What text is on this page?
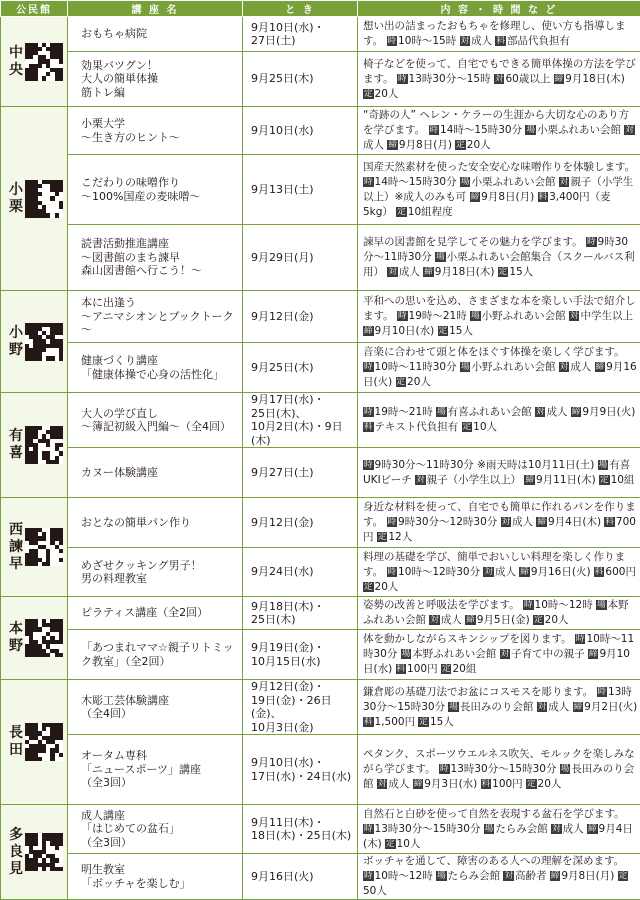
公民館	講 座 名	と き	内 容 ・ 時 間 な ど

中央	おもちゃ病院	9月10日(水)・
27日(土)	想い出の詰まったおもちゃを修理し、使い方も指導します。 時 10時～15時 対 成人 料 部品代負担有
	効果バツグン！
大人の簡単体操
筋トレ編	9月25日(木)	椅子などを使って、自宅でもできる簡単体操の方法を学びます。 時 13時30分～15時 対 60歳以上 締 9月18日(木) 定 20人

小栗	小栗大学
～生き方のヒント～	9月10日(水)	“奇跡の人” ヘレン・ケラーの生涯から大切な心のあり方を学びます。 時 14時～15時30分 場 小栗ふれあい会館 対成人 締 9月8日(月) 定 20人
	こだわりの味噌作り
～100%国産の麦味噌～	9月13日(土)	国産天然素材を使った安全安心な味噌作りを体験します。 時 14時～15時30分 場 小栗ふれあい会館 対 親子（小学生以上）※成人のみも可 締 9月8日(月) 料 3,400円（麦5kg） 定 10組程度
	読書活動推進講座
～図書館のまち諫早
森山図書館へ行こう！～	9月29日(月)	諫早の図書館を見学してその魅力を学びます。 時 9時30分～11時30分 場 小栗ふれあい会館集合（スクールバス利用） 対 成人 締 9月18日(木) 定 15人

小野	本に出逢う
～アニマシオンとブックトーク～	9月12日(金)	平和への思いを込め、さまざまな本を楽しい手法で紹介します。 時 19時～21時 場 小野ふれあい会館 対 中学生以上 締 9月10日(水) 定 15人
	健康づくり講座
「健康体操で心身の活性化」	9月25日(木)	音楽に合わせて頭と体をほぐす体操を楽しく学びます。 時 10時～11時30分 場 小野ふれあい会館 対 成人 締 9月16日(火) 定 20人

有喜	大人の学び直し
～簿記初級入門編～（全4回）	9月17日(水)・
25日(木)、
10月2日(木)・9日(木)	時 19時～21時 場 有喜ふれあい会館 対 成人 締 9月9日(火) 料 テキスト代負担有 定 10人
	カヌー体験講座	9月27日(土)	時 9時30分～11時30分 ※雨天時は10月11日(土) 場 有喜UKIビーチ 対 親子（小学生以上） 締 9月11日(木) 定 10組

西諫早	おとなの簡単パン作り	9月12日(金)	身近な材料を使って、自宅でも簡単に作れるパンを作ります。 時 9時30分～12時30分 対 成人 締 9月4日(木) 料 700円 定 12人
	めざせクッキング男子！
男の料理教室	9月24日(水)	料理の基礎を学び、簡単でおいしい料理を楽しく作ります。 時 10時～12時30分 対 成人 締 9月16日(火) 料 600円 定 20人

本野	ピラティス講座（全2回）	9月18日(木)・
25日(木)	姿勢の改善と呼吸法を学びます。 時 10時～12時 場 本野ふれあい会館 対 成人 締 9月5日(金) 定 20人
	「あつまれママ☆親子リトミック教室」（全2回）	9月19日(金)・
10月15日(水)	体を動かしながらスキンシップを図ります。 時 10時～11時30分 場 本野ふれあい会館 対 子育て中の親子 締 9月10日(水) 料 100円 定 20組

長田	木彫工芸体験講座
（全4回）	9月12日(金)・
19日(金)・26日(金)、
10月3日(金)	鎌倉彫の基礎刀法でお盆にコスモスを彫ります。 時 13時30分～15時30分 場 長田みのり会館 対 成人 締 9月2日(火) 料 1,500円 定 15人
	オータム専科
「ニュースポーツ」講座
（全3回）	9月10日(水)・
17日(水)・24日(水)	ペタンク、スポーツウエルネス吹矢、モルックを楽しみながら学びます。 時 13時30分～15時30分 場 長田みのり会館 対 成人 締 9月3日(水) 料 100円 定 20人

多良見	成人講座
「はじめての盆石」
（全3回）	9月11日(木)・
18日(木)・25日(木)	自然石と白砂を使って自然を表現する盆石を学びます。 時 13時30分～15時30分 場 たらみ会館 対 成人 締 9月4日(木) 定 10人
	明生教室
「ボッチャを楽しむ」	9月16日(火)	ボッチャを通して、障害のある人への理解を深めます。 時 10時～12時 場 たらみ会館 対 高齢者 締 9月8日(月) 定50人
